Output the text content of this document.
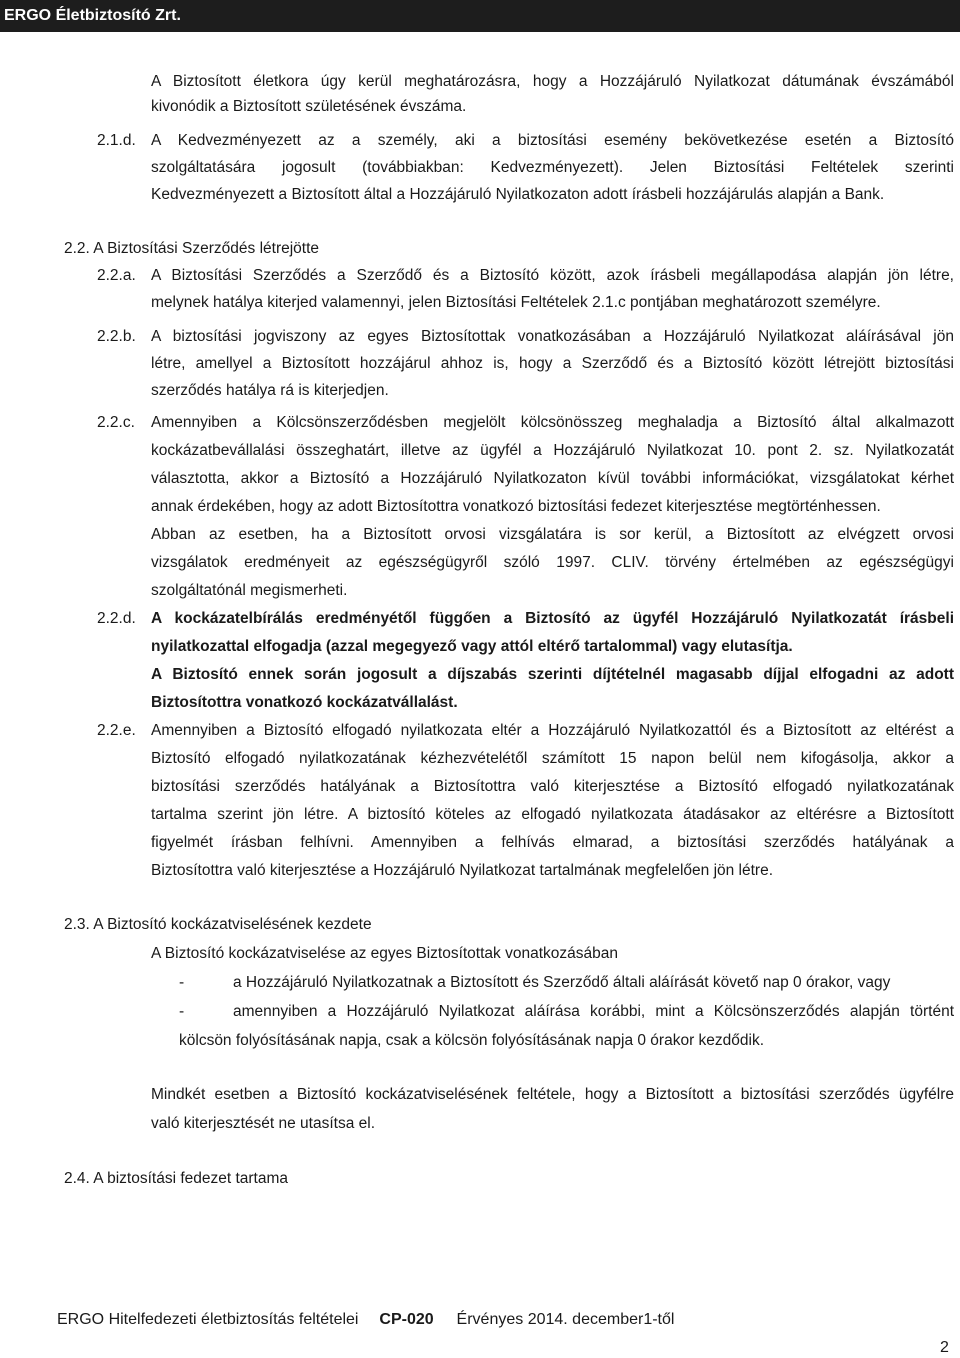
ERGO Életbiztosító Zrt.
A Biztosított életkora úgy kerül meghatározásra, hogy a Hozzájáruló Nyilatkozat dátumának évszámából
kivonódik a Biztosított születésének évszáma.
2.1.d. A Kedvezményezett az a személy, aki a biztosítási esemény bekövetkezése esetén a Biztosító
szolgáltatására jogosult (továbbiakban: Kedvezményezett). Jelen Biztosítási Feltételek szerinti
Kedvezményezett a Biztosított által a Hozzájáruló Nyilatkozaton adott írásbeli hozzájárulás alapján a Bank.
2.2. A Biztosítási Szerződés létrejötte
2.2.a. A Biztosítási Szerződés a Szerződő és a Biztosító között, azok írásbeli megállapodása alapján jön létre,
melynek hatálya kiterjed valamennyi, jelen Biztosítási Feltételek 2.1.c pontjában meghatározott személyre.
2.2.b. A biztosítási jogviszony az egyes Biztosítottak vonatkozásában a Hozzájáruló Nyilatkozat aláírásával jön
létre, amellyel a Biztosított hozzájárul ahhoz is, hogy a Szerződő és a Biztosító között létrejött biztosítási
szerződés hatálya rá is kiterjedjen.
2.2.c. Amennyiben a Kölcsönszerződésben megjelölt kölcsönösszeg meghaladja a Biztosító által alkalmazott
kockázatbevállalási összeghatárt, illetve az ügyfél a Hozzájáruló Nyilatkozat 10. pont 2. sz. Nyilatkozatát
választotta, akkor a Biztosító a Hozzájáruló Nyilatkozaton kívül további információkat, vizsgálatokat kérhet
annak érdekében, hogy az adott Biztosítottra vonatkozó biztosítási fedezet kiterjesztése megtörténhessen.
Abban az esetben, ha a Biztosított orvosi vizsgálatára is sor kerül, a Biztosított az elvégzett orvosi
vizsgálatok eredményeit az egészségügyről szóló 1997. CLIV. törvény értelmében az egészségügyi
szolgáltatónál megismerheti.
2.2.d. A kockázatelbírálás eredményétől függően a Biztosító az ügyfél Hozzájáruló Nyilatkozatát írásbeli
nyilatkozattal elfogadja (azzal megegyező vagy attól eltérő tartalommal) vagy elutasítja.
A Biztosító ennek során jogosult a díjszabás szerinti díjtételnél magasabb díjjal elfogadni az adott
Biztosítottra vonatkozó kockázatvállalást.
2.2.e. Amennyiben a Biztosító elfogadó nyilatkozata eltér a Hozzájáruló Nyilatkozattól és a Biztosított az eltérést a
Biztosító elfogadó nyilatkozatának kézhezvételétől számított 15 napon belül nem kifogásolja, akkor a
biztosítási szerződés hatályának a Biztosítottra való kiterjesztése a Biztosító elfogadó nyilatkozatának
tartalma szerint jön létre. A biztosító köteles az elfogadó nyilatkozata átadásakor az eltérésre a Biztosított
figyelmét írásban felhívni. Amennyiben a felhívás elmarad, a biztosítási szerződés hatályának a
Biztosítottra való kiterjesztése a Hozzájáruló Nyilatkozat tartalmának megfelelően jön létre.
2.3. A Biztosító kockázatviselésének kezdete
A Biztosító kockázatviselése az egyes Biztosítottak vonatkozásában
-	a Hozzájáruló Nyilatkozatnak a Biztosított és Szerződő általi aláírását követő nap 0 órakor, vagy
-	amennyiben a Hozzájáruló Nyilatkozat aláírása korábbi, mint a Kölcsönszerződés alapján történt
kölcsön folyósításának napja, csak a kölcsön folyósításának napja 0 órakor kezdődik.
Mindkét esetben a Biztosító kockázatviselésének feltétele, hogy a Biztosított a biztosítási szerződés ügyfélre
való kiterjesztését ne utasítsa el.
2.4. A biztosítási fedezet tartama
ERGO Hitelfedezeti életbiztosítás feltételei CP-020 Érvényes 2014. december1-től
2
